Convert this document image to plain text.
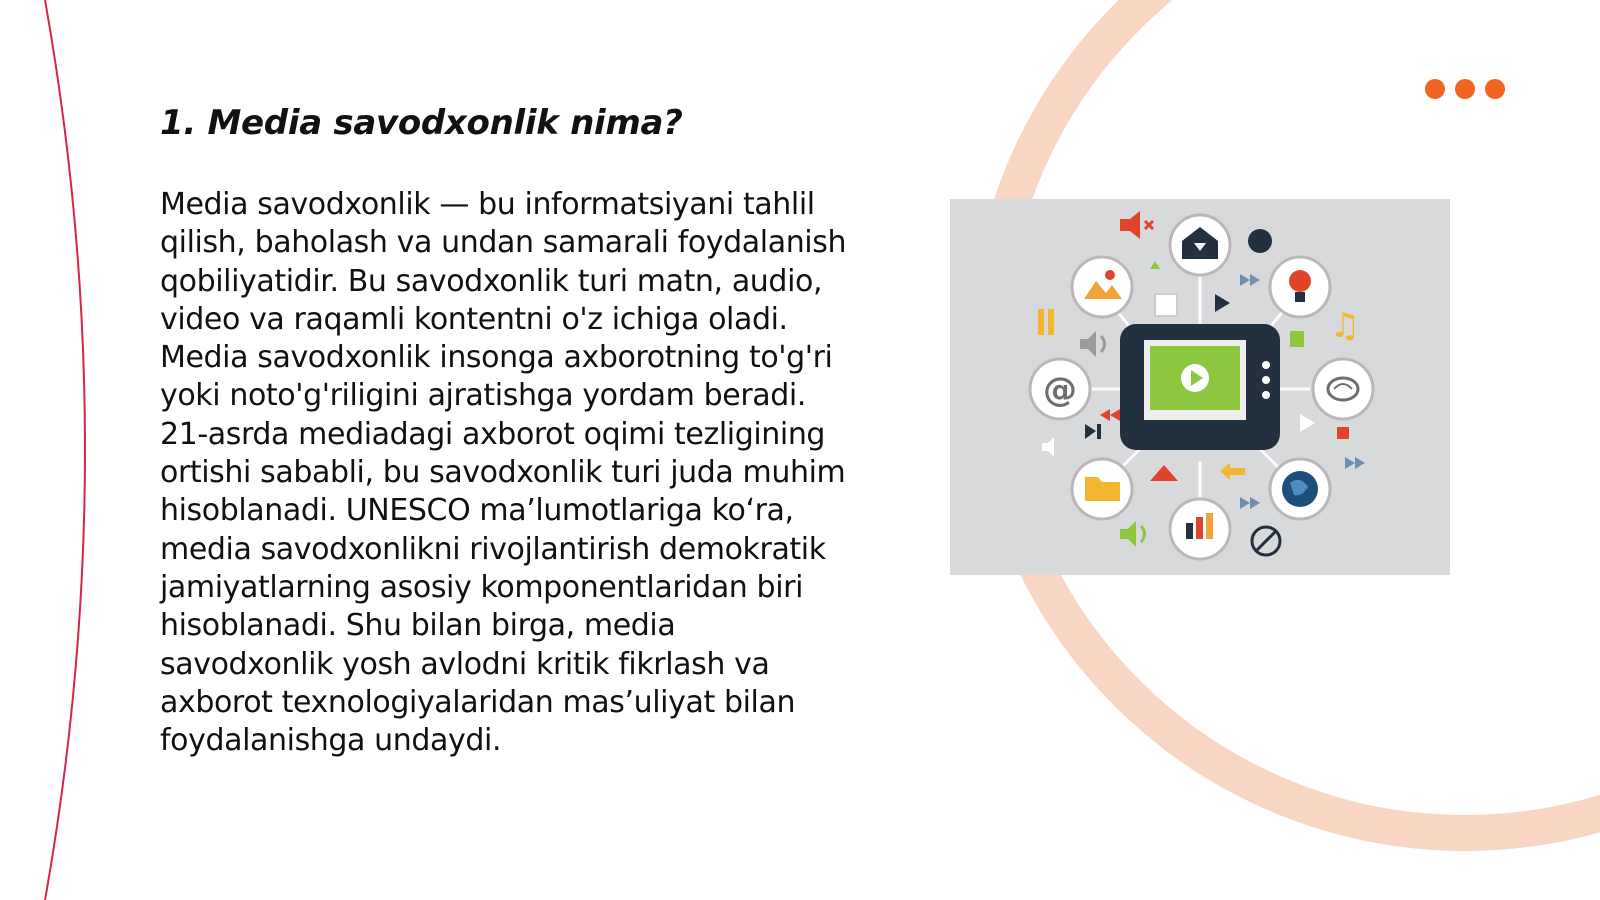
1. Media savodxonlik nima?

Media savodxonlik — bu informatsiyani tahlil qilish, baholash va undan samarali foydalanish qobiliyatidir. Bu savodxonlik turi matn, audio, video va raqamli kontentni o'z ichiga oladi. Media savodxonlik insonga axborotning to'g'ri yoki noto'g'riligini ajratishga yordam beradi. 21-asrda mediadagi axborot oqimi tezligining ortishi sababli, bu savodxonlik turi juda muhim hisoblanadi. UNESCO ma’lumotlariga ko‘ra, media savodxonlikni rivojlantirish demokratik jamiyatlarning asosiy komponentlaridan biri hisoblanadi. Shu bilan birga, media savodxonlik yosh avlodni kritik fikrlash va axborot texnologiyalaridan mas’uliyat bilan foydalanishga undaydi.

@
♫
